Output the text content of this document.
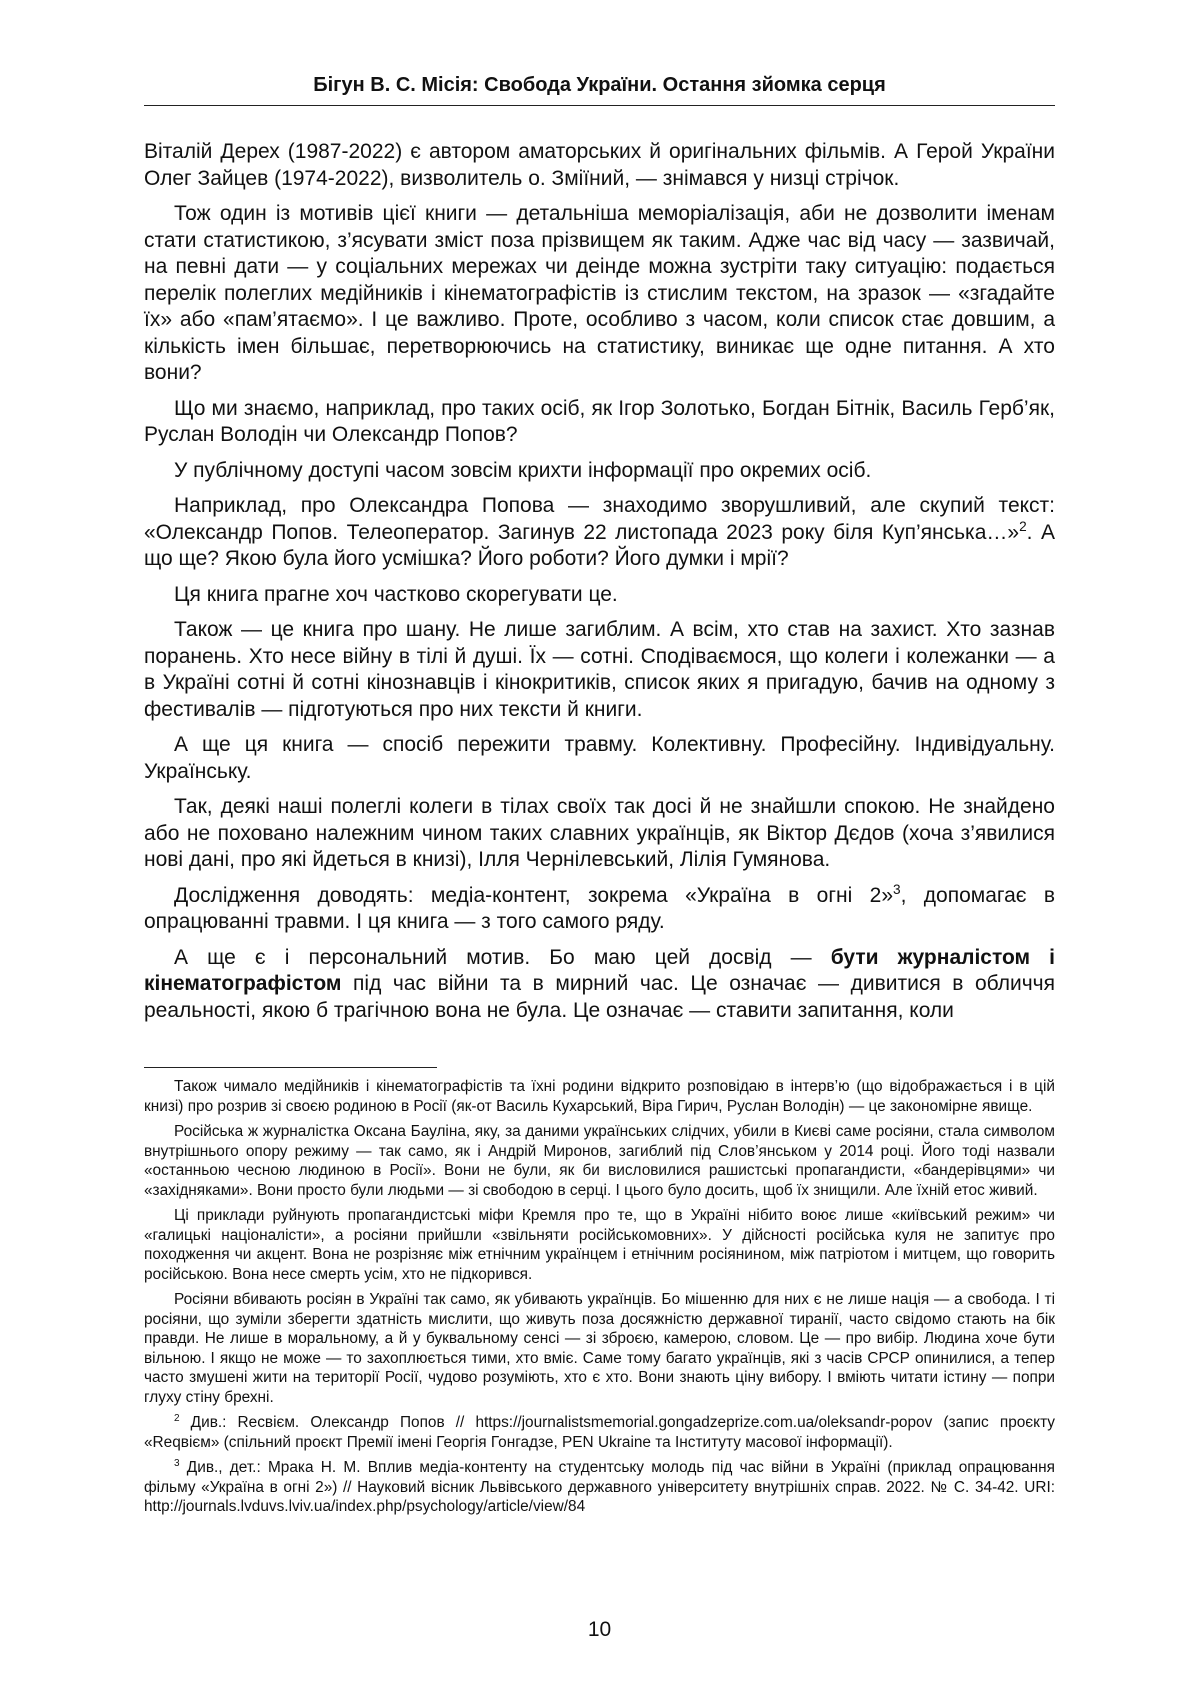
Бігун В. С. Місія: Свобода України. Остання зйомка серця

Віталій Дерех (1987-2022) є автором аматорських й оригінальних фільмів. А Герой України Олег Зайцев (1974-2022), визволитель о. Зміїний, — знімався у низці стрічок.

Тож один із мотивів цієї книги — детальніша меморіалізація, аби не дозволити іменам стати статистикою, з’ясувати зміст поза прізвищем як таким. Адже час від часу — зазвичай, на певні дати — у соціальних мережах чи деінде можна зустріти таку ситуацію: подається перелік полеглих медійників і кінематографістів із стислим текстом, на зразок — «згадайте їх» або «пам’ятаємо». І це важливо. Проте, особливо з часом, коли список стає довшим, а кількість імен більшає, перетворюючись на статистику, виникає ще одне питання. А хто вони?

Що ми знаємо, наприклад, про таких осіб, як Ігор Золотько, Богдан Бітнік, Василь Герб’як, Руслан Володін чи Олександр Попов?

У публічному доступі часом зовсім крихти інформації про окремих осіб.

Наприклад, про Олександра Попова — знаходимо зворушливий, але скупий текст: «Олександр Попов. Телеоператор. Загинув 22 листопада 2023 року біля Куп’янська…»$^2$. А що ще? Якою була його усмішка? Його роботи? Його думки і мрії?

Ця книга прагне хоч частково скорегувати це.

Також — це книга про шану. Не лише загиблим. А всім, хто став на захист. Хто зазнав поранень. Хто несе війну в тілі й душі. Їх — сотні. Сподіваємося, що колеги і колежанки — а в Україні сотні й сотні кінознавців і кінокритиків, список яких я пригадую, бачив на одному з фестивалів — підготуються про них тексти й книги.

А ще ця книга — спосіб пережити травму. Колективну. Професійну. Індивідуальну. Українську.

Так, деякі наші полеглі колеги в тілах своїх так досі й не знайшли спокою. Не знайдено або не поховано належним чином таких славних українців, як Віктор Дєдов (хоча з’явилися нові дані, про які йдеться в книзі), Ілля Чернілевський, Лілія Гумянова.

Дослідження доводять: медіа-контент, зокрема «Україна в огні 2»$^3$, допомагає в опрацюванні травми. І ця книга — з того самого ряду.

А ще є і персональний мотив. Бо маю цей досвід — бути журналістом і кінематографістом під час війни та в мирний час. Це означає — дивитися в обличчя реальності, якою б трагічною вона не була. Це означає — ставити запитання, коли

Також чимало медійників і кінематографістів та їхні родини відкрито розповідаю в інтерв’ю (що відображається і в цій книзі) про розрив зі своєю родиною в Росії (як-от Василь Кухарський, Віра Гирич, Руслан Володін) — це закономірне явище.

Російська ж журналістка Оксана Бауліна, яку, за даними українських слідчих, убили в Києві саме росіяни, стала символом внутрішнього опору режиму — так само, як і Андрій Миронов, загиблий під Слов’янськом у 2014 році. Його тоді назвали «останньою чесною людиною в Росії». Вони не були, як би висловилися рашистські пропагандисти, «бандерівцями» чи «західняками». Вони просто були людьми — зі свободою в серці. І цього було досить, щоб їх знищили. Але їхній етос живий.

Ці приклади руйнують пропагандистські міфи Кремля про те, що в Україні нібито воює лише «київський режим» чи «галицькі націоналісти», а росіяни прийшли «звільняти російськомовних». У дійсності російська куля не запитує про походження чи акцент. Вона не розрізняє між етнічним українцем і етнічним росіянином, між патріотом і митцем, що говорить російською. Вона несе смерть усім, хто не підкорився.

Росіяни вбивають росіян в Україні так само, як убивають українців. Бо мішенню для них є не лише нація — а свобода. І ті росіяни, що зуміли зберегти здатність мислити, що живуть поза досяжністю державної тиранії, часто свідомо стають на бік правди. Не лише в моральному, а й у буквальному сенсі — зі зброєю, камерою, словом. Це — про вибір. Людина хоче бути вільною. І якщо не може — то захоплюється тими, хто вміє. Саме тому багато українців, які з часів СРСР опинилися, а тепер часто змушені жити на території Росії, чудово розуміють, хто є хто. Вони знають ціну вибору. І вміють читати істину — попри глуху стіну брехні.

$^2$ Див.: Recвієм. Олександр Попов // https://journalistsmemorial.gongadzeprize.com.ua/oleksandr-popov (запис проєкту «Reqвієм» (спільний проєкт Премії імені Георгія Гонгадзе, PEN Ukraine та Інституту масової інформації).

$^3$ Див., дет.: Мрака Н. М. Вплив медіа-контенту на студентську молодь під час війни в Україні (приклад опрацювання фільму «Україна в огні 2») // Науковий вісник Львівського державного університету внутрішніх справ. 2022. № С. 34-42. URI: http://journals.lvduvs.lviv.ua/index.php/psychology/article/view/84

10
